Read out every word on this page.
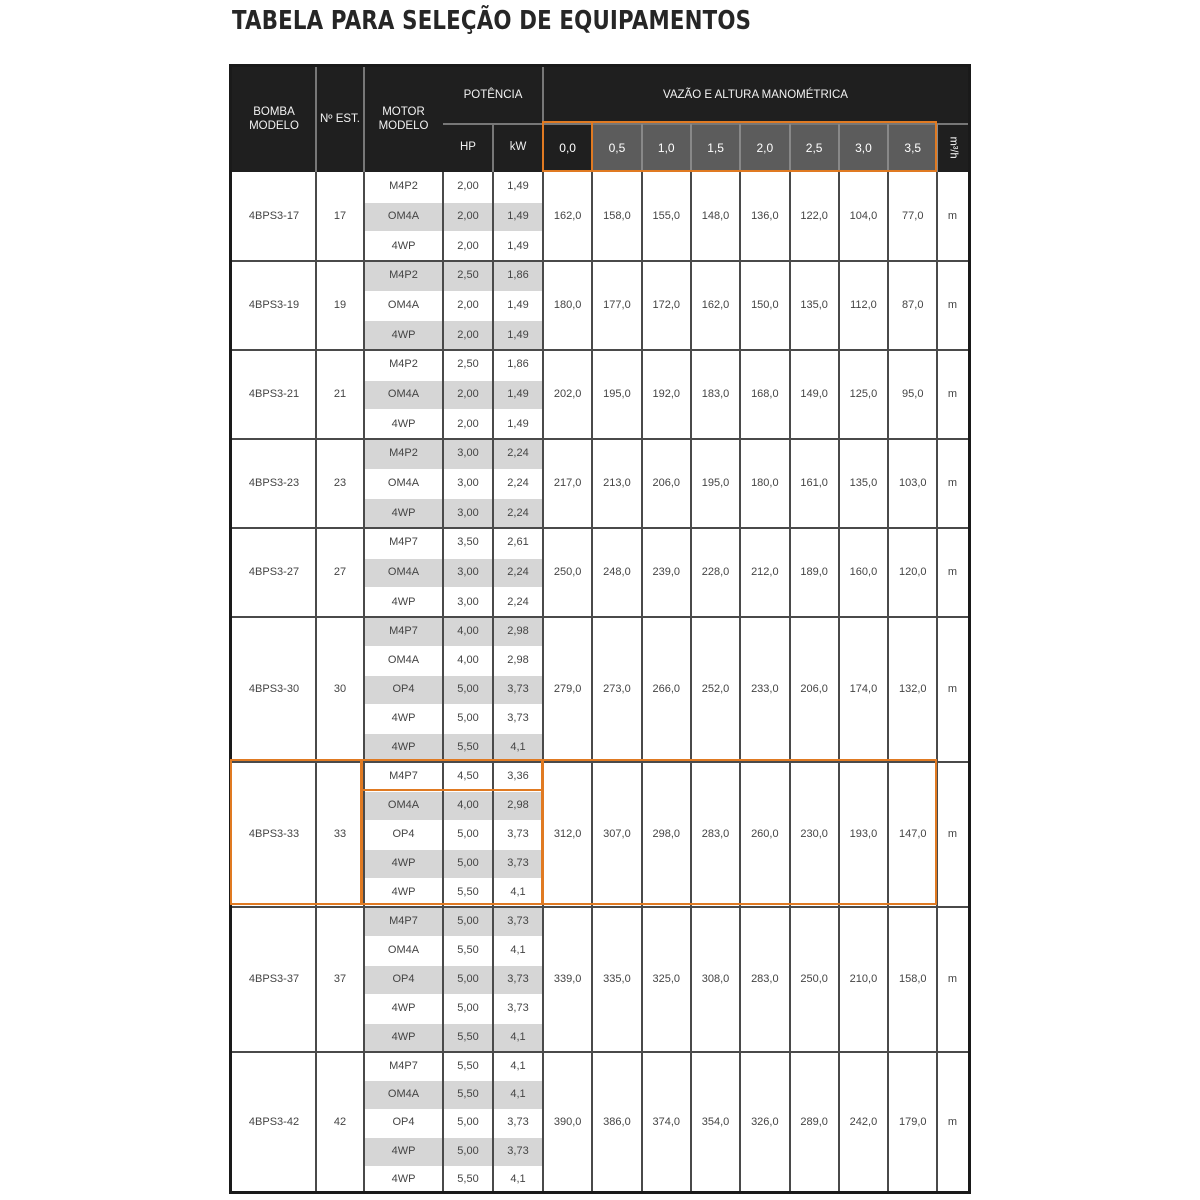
TABELA PARA SELEÇÃO DE EQUIPAMENTOS
BOMBA MODELO
Nº EST.
MOTOR MODELO
POTÊNCIA
HP	kW
VAZÃO E ALTURA MANOMÉTRICA
0,0	0,5	1,0	1,5	2,0	2,5	3,0	3,5	m³/h
4BPS3-17	17
M4P2	2,00	1,49
OM4A	2,00	1,49
4WP	2,00	1,49
162,0	158,0	155,0	148,0	136,0	122,0	104,0	77,0	m
4BPS3-19	19
M4P2	2,50	1,86
OM4A	2,00	1,49
4WP	2,00	1,49
180,0	177,0	172,0	162,0	150,0	135,0	112,0	87,0	m
4BPS3-21	21
M4P2	2,50	1,86
OM4A	2,00	1,49
4WP	2,00	1,49
202,0	195,0	192,0	183,0	168,0	149,0	125,0	95,0	m
4BPS3-23	23
M4P2	3,00	2,24
OM4A	3,00	2,24
4WP	3,00	2,24
217,0	213,0	206,0	195,0	180,0	161,0	135,0	103,0	m
4BPS3-27	27
M4P7	3,50	2,61
OM4A	3,00	2,24
4WP	3,00	2,24
250,0	248,0	239,0	228,0	212,0	189,0	160,0	120,0	m
4BPS3-30	30
M4P7	4,00	2,98
OM4A	4,00	2,98
OP4	5,00	3,73
4WP	5,00	3,73
4WP	5,50	4,1
279,0	273,0	266,0	252,0	233,0	206,0	174,0	132,0	m
4BPS3-33	33
M4P7	4,50	3,36
OM4A	4,00	2,98
OP4	5,00	3,73
4WP	5,00	3,73
4WP	5,50	4,1
312,0	307,0	298,0	283,0	260,0	230,0	193,0	147,0	m
4BPS3-37	37
M4P7	5,00	3,73
OM4A	5,50	4,1
OP4	5,00	3,73
4WP	5,00	3,73
4WP	5,50	4,1
339,0	335,0	325,0	308,0	283,0	250,0	210,0	158,0	m
4BPS3-42	42
M4P7	5,50	4,1
OM4A	5,50	4,1
OP4	5,00	3,73
4WP	5,00	3,73
4WP	5,50	4,1
390,0	386,0	374,0	354,0	326,0	289,0	242,0	179,0	m
